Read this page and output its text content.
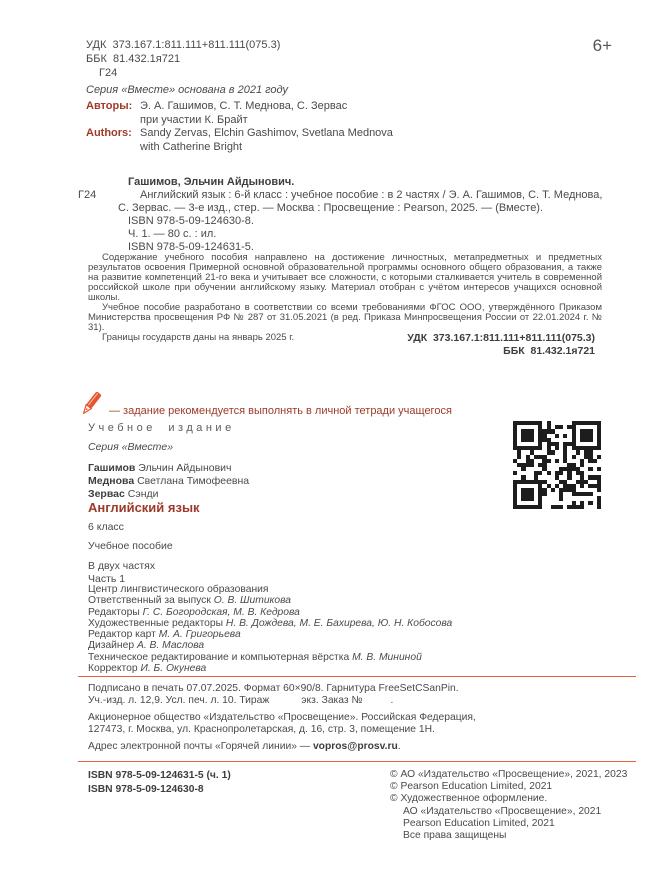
УДК  373.167.1:811.111+811.111(075.3)
ББК  81.432.1я721
Г24
6+
Серия «Вместе» основана в 2021 году
Авторы: Э. А. Гашимов, С. Т. Меднова, С. Зервас
при участии К. Брайт
Authors: Sandy Zervas, Elchin Gashimov, Svetlana Mednova
with Catherine Bright
Гашимов, Эльчин Айдынович.
Г24	Английский язык : 6-й класс : учебное пособие : в 2 частях / Э. А. Гашимов, С. Т. Меднова,
С. Зервас. — 3-е изд., стер. — Москва : Просвещение : Pearson, 2025. — (Вместе).
ISBN 978-5-09-124630-8.
Ч. 1. — 80 с. : ил.
ISBN 978-5-09-124631-5.

Содержание учебного пособия направлено на достижение личностных, метапредметных и предметных результатов освоения Примерной основной образовательной программы основного общего образования, а также на развитие компетенций 21-го века и учитывает все сложности, с которыми сталкивается учитель в современной российской школе при обучении английскому языку. Материал отобран с учётом интересов учащихся основной школы.

Учебное пособие разработано в соответствии со всеми требованиями ФГОС ООО, утверждённого Приказом Министерства просвещения РФ № 287 от 31.05.2021 (в ред. Приказа Минпросвещения России от 22.01.2024 г. № 31).

Границы государств даны на январь 2025 г.	УДК  373.167.1:811.111+811.111(075.3)
ББК  81.432.1я721
— задание рекомендуется выполнять в личной тетради учащегося
Учебное издание
Серия «Вместе»
Гашимов Эльчин Айдынович
Меднова Светлана Тимофеевна
Зервас Сэнди
Английский язык
6 класс
Учебное пособие
В двух частях
Часть 1
Центр лингвистического образования
Ответственный за выпуск О. В. Шитикова
Редакторы Г. С. Богородская, М. В. Кедрова
Художественные редакторы Н. В. Дождева, М. Е. Бахирева, Ю. Н. Кобосова
Редактор карт М. А. Григорьева
Дизайнер А. В. Маслова
Техническое редактирование и компьютерная вёрстка М. В. Мининой
Корректор И. Б. Окунева

Подписано в печать 07.07.2025. Формат 60×90/8. Гарнитура FreeSetCSanPin.
Уч.-изд. л. 12,9. Усл. печ. л. 10. Тираж	экз. Заказ №	.

Акционерное общество «Издательство «Просвещение». Российская Федерация,
127473, г. Москва, ул. Краснопролетарская, д. 16, стр. 3, помещение 1Н.

Адрес электронной почты «Горячей линии» — vopros@prosv.ru.

ISBN 978-5-09-124631-5 (ч. 1)
ISBN 978-5-09-124630-8
© АО «Издательство «Просвещение», 2021, 2023
© Pearson Education Limited, 2021
© Художественное оформление.
АО «Издательство «Просвещение», 2021
Pearson Education Limited, 2021
Все права защищены
